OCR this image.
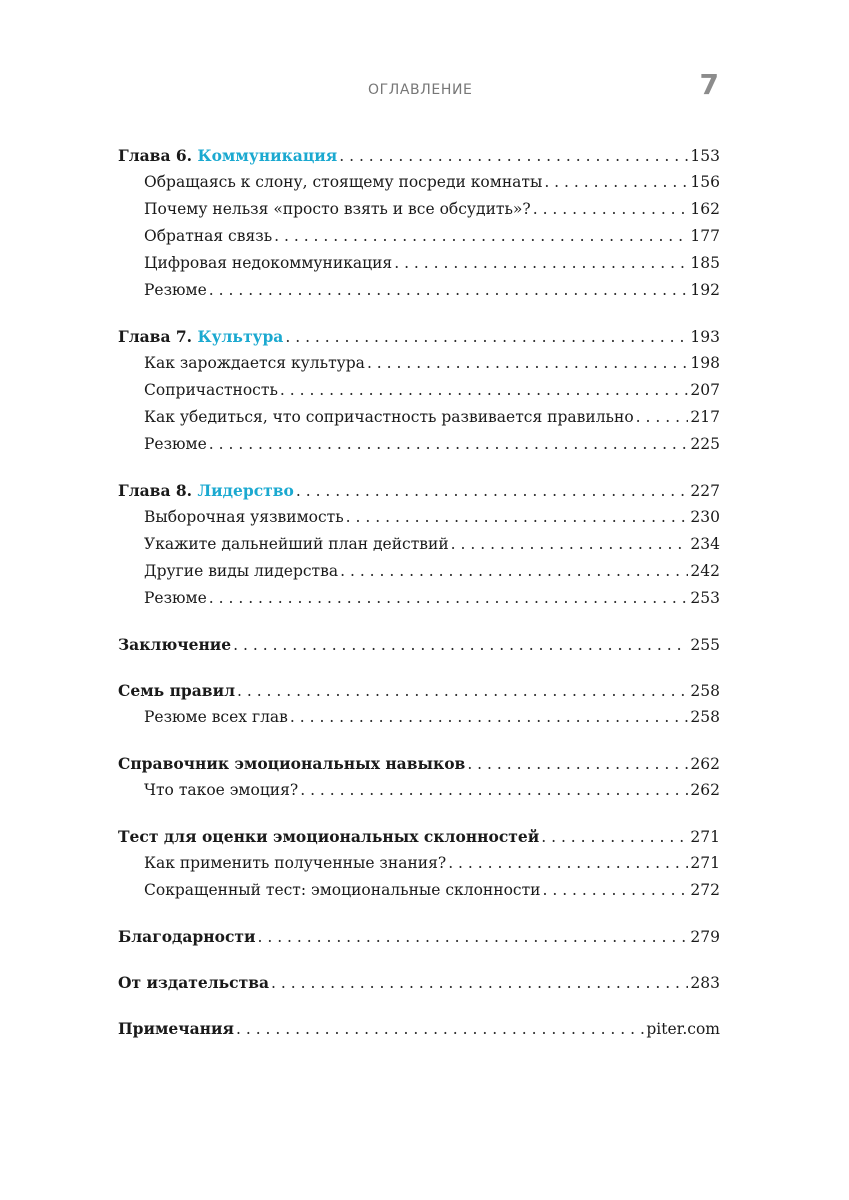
ОГЛАВЛЕНИЕ	7
Глава 6. Коммуникация . . .	153
Обращаясь к слону, стоящему посреди комнаты . . .	156
Почему нельзя «просто взять и все обсудить»? . . .	162
Обратная связь . . .	177
Цифровая недокоммуникация . . .	185
Резюме . . .	192
Глава 7. Культура . . .	193
Как зарождается культура . . .	198
Сопричастность . . .	207
Как убедиться, что сопричастность развивается правильно . . .	217
Резюме . . .	225
Глава 8. Лидерство . . .	227
Выборочная уязвимость . . .	230
Укажите дальнейший план действий . . .	234
Другие виды лидерства . . .	242
Резюме . . .	253
Заключение . . .	255
Семь правил . . .	258
Резюме всех глав . . .	258
Справочник эмоциональных навыков . . .	262
Что такое эмоция? . . .	262
Тест для оценки эмоциональных склонностей . . .	271
Как применить полученные знания? . . .	271
Сокращенный тест: эмоциональные склонности . . .	272
Благодарности . . .	279
От издательства . . .	283
Примечания . . .	piter.com
